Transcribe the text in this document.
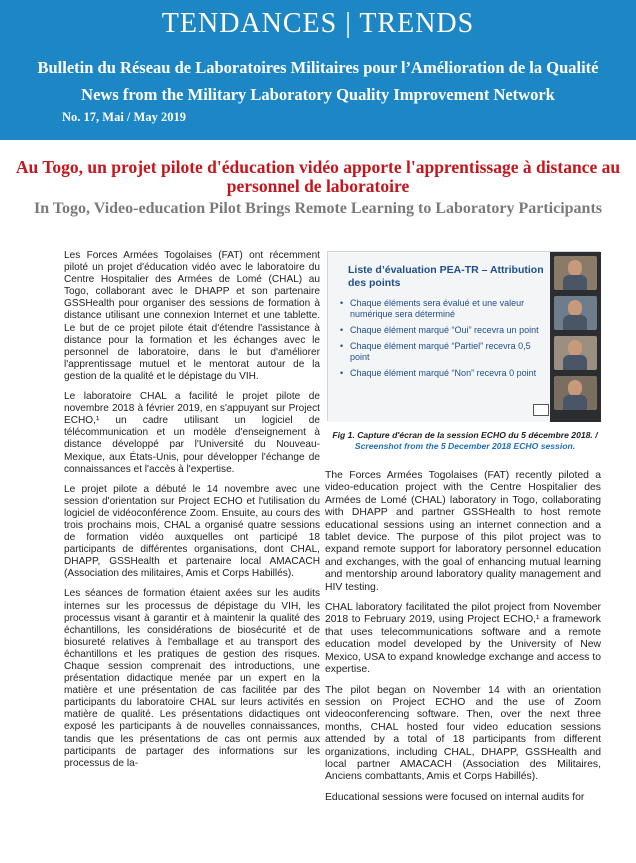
TENDANCES | TRENDS
Bulletin du Réseau de Laboratoires Militaires pour l’Amélioration de la Qualité
News from the Military Laboratory Quality Improvement Network
No. 17, Mai / May 2019
Au Togo, un projet pilote d'éducation vidéo apporte l'apprentissage à distance au personnel de laboratoire
In Togo, Video-education Pilot Brings Remote Learning to Laboratory Participants

Les Forces Armées Togolaises (FAT) ont récemment piloté un projet d'éducation vidéo avec le laboratoire du Centre Hospitalier des Armées de Lomé (CHAL) au Togo, collaborant avec le DHAPP et son partenaire GSSHealth pour organiser des sessions de formation à distance utilisant une connexion Internet et une tablette. Le but de ce projet pilote était d'étendre l'assistance à distance pour la formation et les échanges avec le personnel de laboratoire, dans le but d'améliorer l'apprentissage mutuel et le mentorat autour de la gestion de la qualité et le dépistage du VIH.

Le laboratoire CHAL a facilité le projet pilote de novembre 2018 à février 2019, en s'appuyant sur Project ECHO,¹ un cadre utilisant un logiciel de télécommunication et un modèle d'enseignement à distance développé par l'Université du Nouveau-Mexique, aux États-Unis, pour développer l'échange de connaissances et l'accès à l'expertise.

Le projet pilote a débuté le 14 novembre avec une session d'orientation sur Project ECHO et l'utilisation du logiciel de vidéoconférence Zoom. Ensuite, au cours des trois prochains mois, CHAL a organisé quatre sessions de formation vidéo auxquelles ont participé 18 participants de différentes organisations, dont CHAL, DHAPP, GSSHealth et partenaire local AMACACH (Association des militaires, Amis et Corps Habillés).

Les séances de formation étaient axées sur les audits internes sur les processus de dépistage du VIH, les processus visant à garantir et à maintenir la qualité des échantillons, les considérations de biosécurité et de biosureté relatives à l'emballage et au transport des échantillons et les pratiques de gestion des risques. Chaque session comprenait des introductions, une présentation didactique menée par un expert en la matière et une présentation de cas facilitée par des participants du laboratoire CHAL sur leurs activités en matière de qualité. Les présentations didactiques ont exposé les participants à de nouvelles connaissances, tandis que les présentations de cas ont permis aux participants de partager des informations sur les processus de la-

Liste d’évaluation PEA-TR – Attribution des points
• Chaque éléments sera évalué et une valeur numérique sera déterminé
• Chaque élément marqué “Oui” recevra un point
• Chaque élément marqué “Partiel” recevra 0,5 point
• Chaque élément marqué “Non” recevra 0 point
Fig 1. Capture d'écran de la session ECHO du 5 décembre 2018. /
Screenshot from the 5 December 2018 ECHO session.

The Forces Armées Togolaises (FAT) recently piloted a video-education project with the Centre Hospitalier des Armées de Lomé (CHAL) laboratory in Togo, collaborating with DHAPP and partner GSSHealth to host remote educational sessions using an internet connection and a tablet device. The purpose of this pilot project was to expand remote support for laboratory personnel education and exchanges, with the goal of enhancing mutual learning and mentorship around laboratory quality management and HIV testing.

CHAL laboratory facilitated the pilot project from November 2018 to February 2019, using Project ECHO,¹ a framework that uses telecommunications software and a remote education model developed by the University of New Mexico, USA to expand knowledge exchange and access to expertise.

The pilot began on November 14 with an orientation session on Project ECHO and the use of Zoom videoconferencing software. Then, over the next three months, CHAL hosted four video education sessions attended by a total of 18 participants from different organizations, including CHAL, DHAPP, GSSHealth and local partner AMACACH (Association des Militaires, Anciens combattants, Amis et Corps Habillés).

Educational sessions were focused on internal audits for
